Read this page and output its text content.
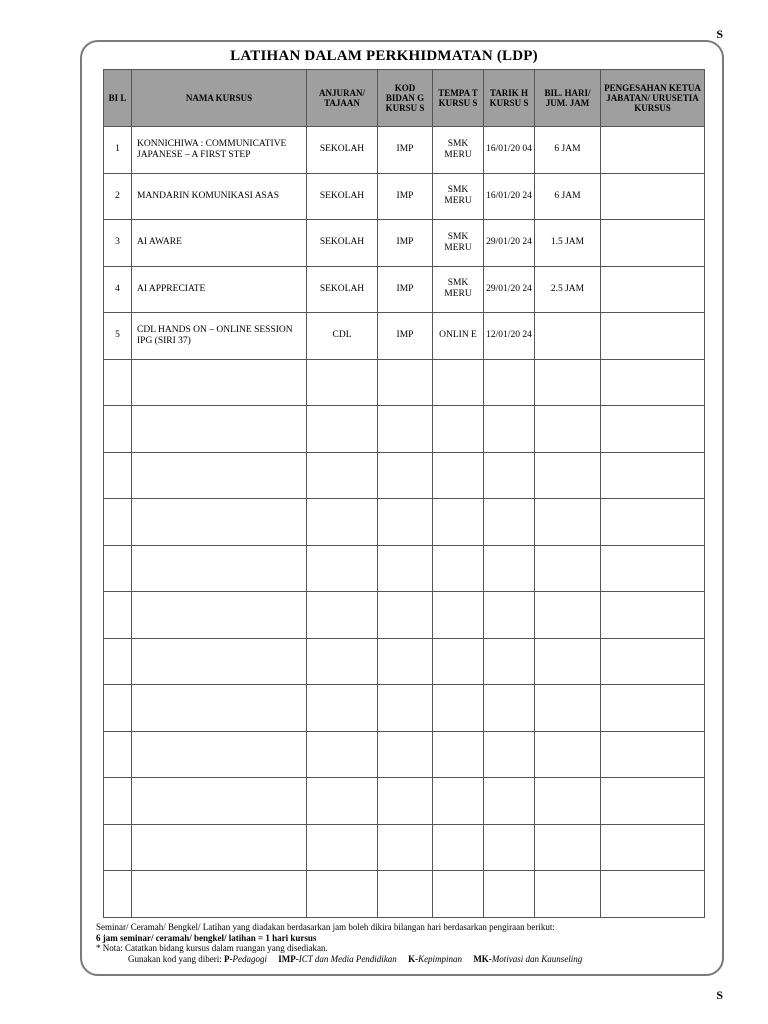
S
LATIHAN DALAM PERKHIDMATAN (LDP)
BI L	NAMA KURSUS	ANJURAN/ TAJAAN	KOD BIDAN G KURSU S	TEMPA T KURSU S	TARIK H KURSU S	BIL. HARI/ JUM. JAM	PENGESAHAN KETUA JABATAN/ URUSETIA KURSUS
1	KONNICHIWA : COMMUNICATIVE JAPANESE – A FIRST STEP	SEKOLAH	IMP	SMK MERU	16/01/20 04	6 JAM	
2	MANDARIN KOMUNIKASI ASAS	SEKOLAH	IMP	SMK MERU	16/01/20 24	6 JAM	
3	AI AWARE	SEKOLAH	IMP	SMK MERU	29/01/20 24	1.5 JAM	
4	AI APPRECIATE	SEKOLAH	IMP	SMK MERU	29/01/20 24	2.5 JAM	
5	CDL HANDS ON – ONLINE SESSION IPG (SIRI 37)	CDL	IMP	ONLIN E	12/01/20 24		

Seminar/ Ceramah/ Bengkel/ Latihan yang diadakan berdasarkan jam boleh dikira bilangan hari berdasarkan pengiraan berikut:
6 jam seminar/ ceramah/ bengkel/ latihan = 1 hari kursus
* Nota: Catatkan bidang kursus dalam ruangan yang disediakan.
Gunakan kod yang diberi: P-Pedagogi IMP-ICT dan Media Pendidikan K-Kepimpinan MK-Motivasi dan Kaunseling
S
